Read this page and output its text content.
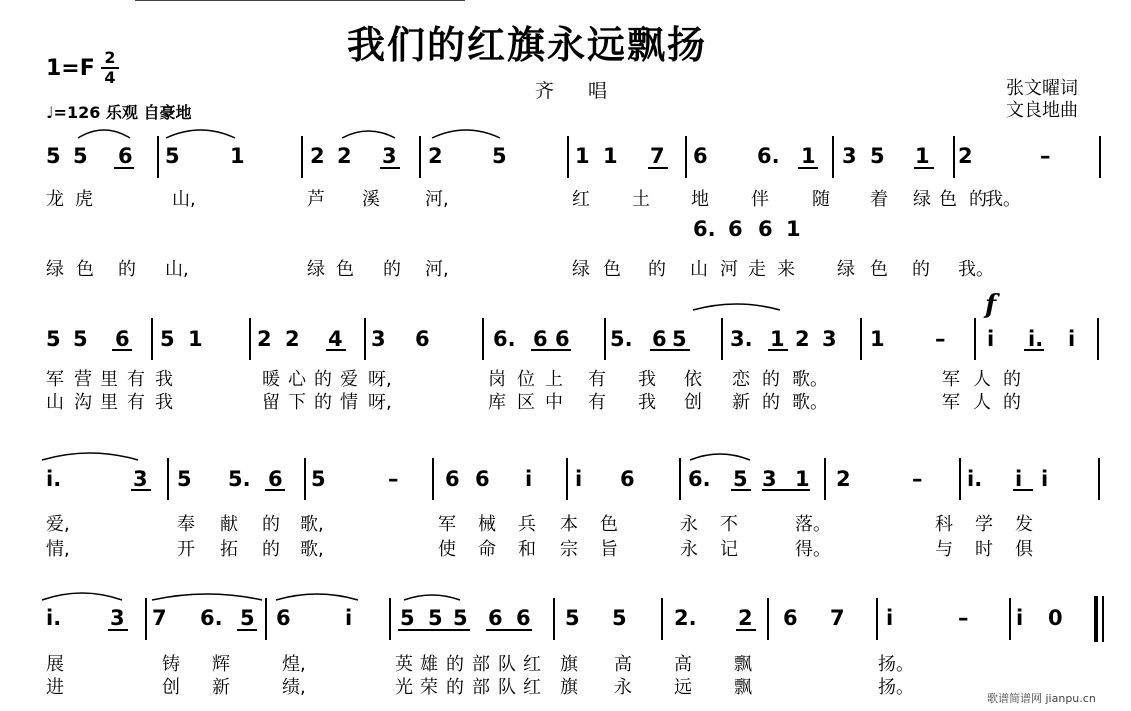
我们的红旗永远飘扬
齐 唱	张文曜词
文良地曲
1=F 2
4
♩=126 乐观 自豪地
f
歌谱简谱网 jianpu.cn
5 5 6 5 1	2 2 3 2 5	1 1 7 6 6. 1 3 5 1 2	–
龙 虎	山,	芦 溪	河,	红 土 地 伴 随 着 绿 色 的
我。
6. 6 6 1
绿 色 的 山,	绿 色 的 河,	绿 色 的 山 河 走 来 绿 色 的 我。
5 5 6 5 1	2 2 4 3 6	6. 6 6 5. 6 5 3. 1 2 3 1 – i i. i
军 营 里 有 我	暖 心 的 爱 呀,	岗 位 上 有 我 依 恋 的 歌。	军 人 的
山 沟 里 有 我	留 下 的 情 呀,	库 区 中 有 我 创 新 的 歌。	军 人 的
i.	3 5 5. 6 5	– 6 6 i i 6	6. 5 3 1 2	– i. i i
爱,	奉 献 的 歌,	军 械 兵 本 色	永 不	落。	科 学 发
情,	开 拓 的 歌,	使 命 和 宗 旨	永 记	得。	与 时 俱
i. 3 7 6. 5 6	i 5 5 5 6 6 5 5 2. 2 6 7 i	– i 0
展	铸 辉	煌,	英 雄 的 部 队 红 旗 高 高 飘	扬。
进	创 新	绩,	光 荣 的 部 队 红 旗 永 远 飘	扬。
